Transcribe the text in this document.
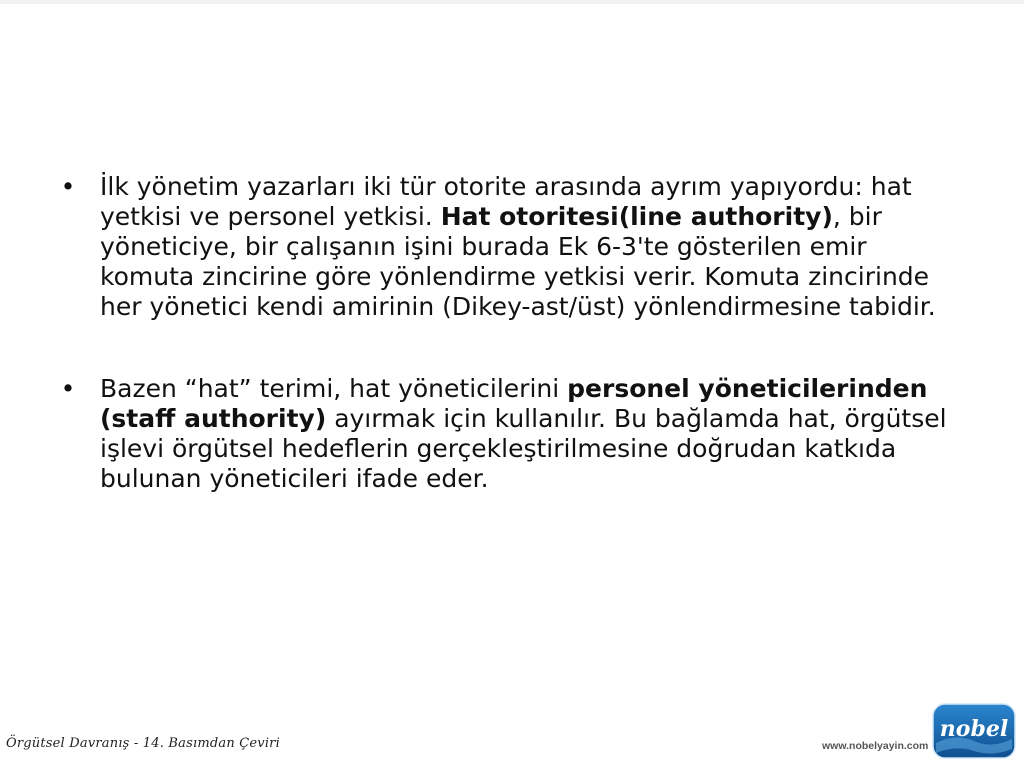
• İlk yönetim yazarları iki tür otorite arasında ayrım yapıyordu: hat yetkisi ve personel yetkisi. Hat otoritesi(line authority), bir yöneticiye, bir çalışanın işini burada Ek 6-3'te gösterilen emir komuta zincirine göre yönlendirme yetkisi verir. Komuta zincirinde her yönetici kendi amirinin (Dikey-ast/üst) yönlendirmesine tabidir.
• Bazen “hat” terimi, hat yöneticilerini personel yöneticilerinden (staff authority) ayırmak için kullanılır. Bu bağlamda hat, örgütsel işlevi örgütsel hedeflerin gerçekleştirilmesine doğrudan katkıda bulunan yöneticileri ifade eder.
Örgütsel Davranış - 14. Basımdan Çeviri	www.nobelyayin.com
nobel
